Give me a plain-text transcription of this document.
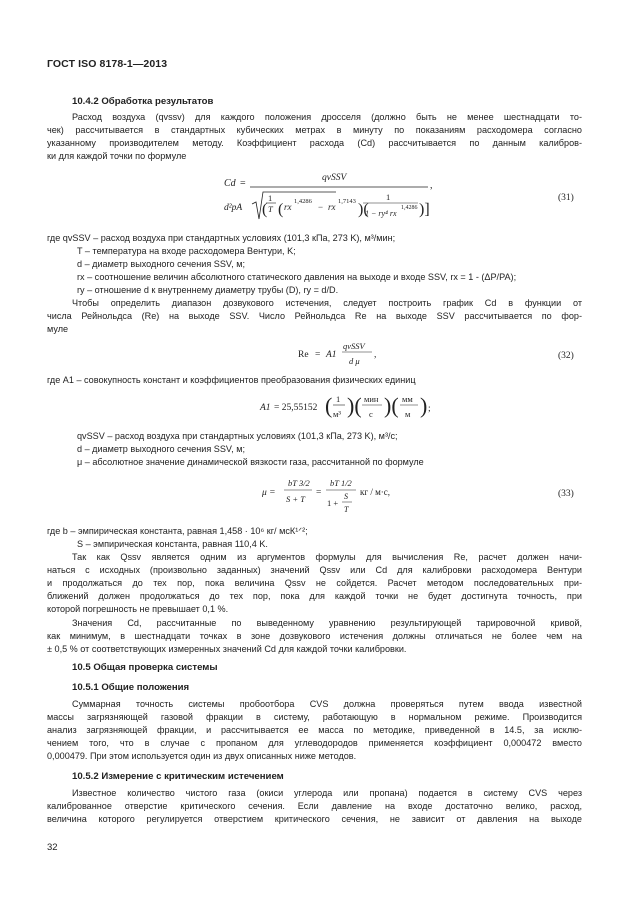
ГОСТ ISO 8178-1—2013
10.4.2 Обработка результатов
Расход воздуха (qvssv) для каждого положения дросселя (должно быть не менее шестнадцати то-
чек) рассчитывается в стандартных кубических метрах в минуту по показаниям расходомера согласно
указанному производителем методу. Коэффициент расхода (Cd) рассчитывается по данным калибров-
ки для каждой точки по формуле
Cd =	qvSSV
d²pA (
1
T ( rx
1,4286
− rx
1,7143 )(
1
1 − ry⁴ rx
1,4286 )]
,
(31)
где qvSSV – расход воздуха при стандартных условиях (101,3 кПа, 273 K), м³/мин;
T – температура на входе расходомера Вентури, K;
d – диаметр выходного сечения SSV, м;
rx – соотношение величин абсолютного статического давления на выходе и входе SSV, rx = 1 - (ΔP/PA);
ry – отношение d к внутреннему диаметру трубы (D), ry = d/D.
Чтобы определить диапазон дозвукового истечения, следует построить график Cd в функции от
числа Рейнольдса (Re) на выходе SSV. Число Рейнольдса Re на выходе SSV рассчитывается по фор-
муле
Re = A1
qvSSV
d μ
,	(32)
где A1 – совокупность констант и коэффициентов преобразования физических единиц
A1 = 25,55152 ( 1
м³ )( мин
с )( мм
м ) ;
qvSSV – расход воздуха при стандартных условиях (101,3 кПа, 273 K), м³/с;
d – диаметр выходного сечения SSV, м;
μ – абсолютное значение динамической вязкости газа, рассчитанной по формуле
μ =
bT 3/2
S + T
=
bT 1/2
1 +
S
T
кг / м·с,	(33)
где b – эмпирическая константа, равная 1,458 · 10⁶ кг/ мсК¹ᐟ²;
S – эмпирическая константа, равная 110,4 K.
Так как Qssv является одним из аргументов формулы для вычисления Re, расчет должен начи-
наться с исходных (произвольно заданных) значений Qssv или Cd для калибровки расходомера Вентури
и продолжаться до тех пор, пока величина Qssv не сойдется. Расчет методом последовательных при-
ближений должен продолжаться до тех пор, пока для каждой точки не будет достигнута точность, при
которой погрешность не превышает 0,1 %.
Значения Cd, рассчитанные по выведенному уравнению результирующей тарировочной кривой,
как минимум, в шестнадцати точках в зоне дозвукового истечения должны отличаться не более чем на
± 0,5 % от соответствующих измеренных значений Cd для каждой точки калибровки.
10.5 Общая проверка системы
10.5.1 Общие положения
Суммарная точность системы пробоотбора CVS должна проверяться путем ввода известной
массы загрязняющей газовой фракции в систему, работающую в нормальном режиме. Производится
анализ загрязняющей фракции, и рассчитывается ее масса по методике, приведенной в 14.5, за исклю-
чением того, что в случае с пропаном для углеводородов применяется коэффициент 0,000472 вместо
0,000479. При этом используется один из двух описанных ниже методов.
10.5.2 Измерение с критическим истечением
Известное количество чистого газа (окиси углерода или пропана) подается в систему CVS через
калиброванное отверстие критического сечения. Если давление на входе достаточно велико, расход,
величина которого регулируется отверстием критического сечения, не зависит от давления на выходе
32
